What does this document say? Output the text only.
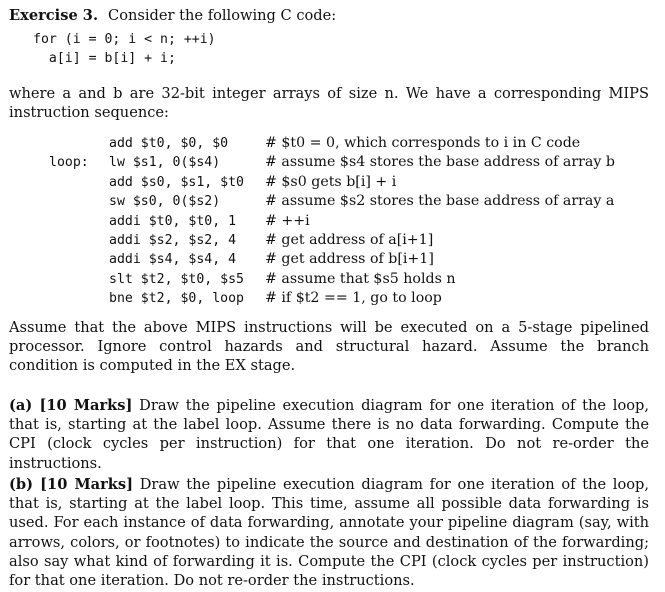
Exercise 3. Consider the following C code:
for (i = 0; i < n; ++i)
a[i] = b[i] + i;
where a and b are 32-bit integer arrays of size n. We have a corresponding MIPS instruction sequence:
add $t0, $0, $0	# $t0 = 0, which corresponds to i in C code
loop: lw $s1, 0($s4)	# assume $s4 stores the base address of array b
add $s0, $s1, $t0 # $s0 gets b[i] + i
sw $s0, 0($s2)	# assume $s2 stores the base address of array a
addi $t0, $t0, 1 # ++i
addi $s2, $s2, 4 # get address of a[i+1]
addi $s4, $s4, 4 # get address of b[i+1]
slt $t2, $t0, $s5 # assume that $s5 holds n
bne $t2, $0, loop # if $t2 == 1, go to loop
Assume that the above MIPS instructions will be executed on a 5-stage pipelined processor. Ignore control hazards and structural hazard. Assume the branch condition is computed in the EX stage.
(a) [10 Marks] Draw the pipeline execution diagram for one iteration of the loop, that is, starting at the label loop. Assume there is no data forwarding. Compute the CPI (clock cycles per instruction) for that one iteration. Do not re-order the instructions.
(b) [10 Marks] Draw the pipeline execution diagram for one iteration of the loop, that is, starting at the label loop. This time, assume all possible data forwarding is used. For each instance of data forwarding, annotate your pipeline diagram (say, with arrows, colors, or footnotes) to indicate the source and destination of the forwarding; also say what kind of forwarding it is. Compute the CPI (clock cycles per instruction) for that one iteration. Do not re-order the instructions.
